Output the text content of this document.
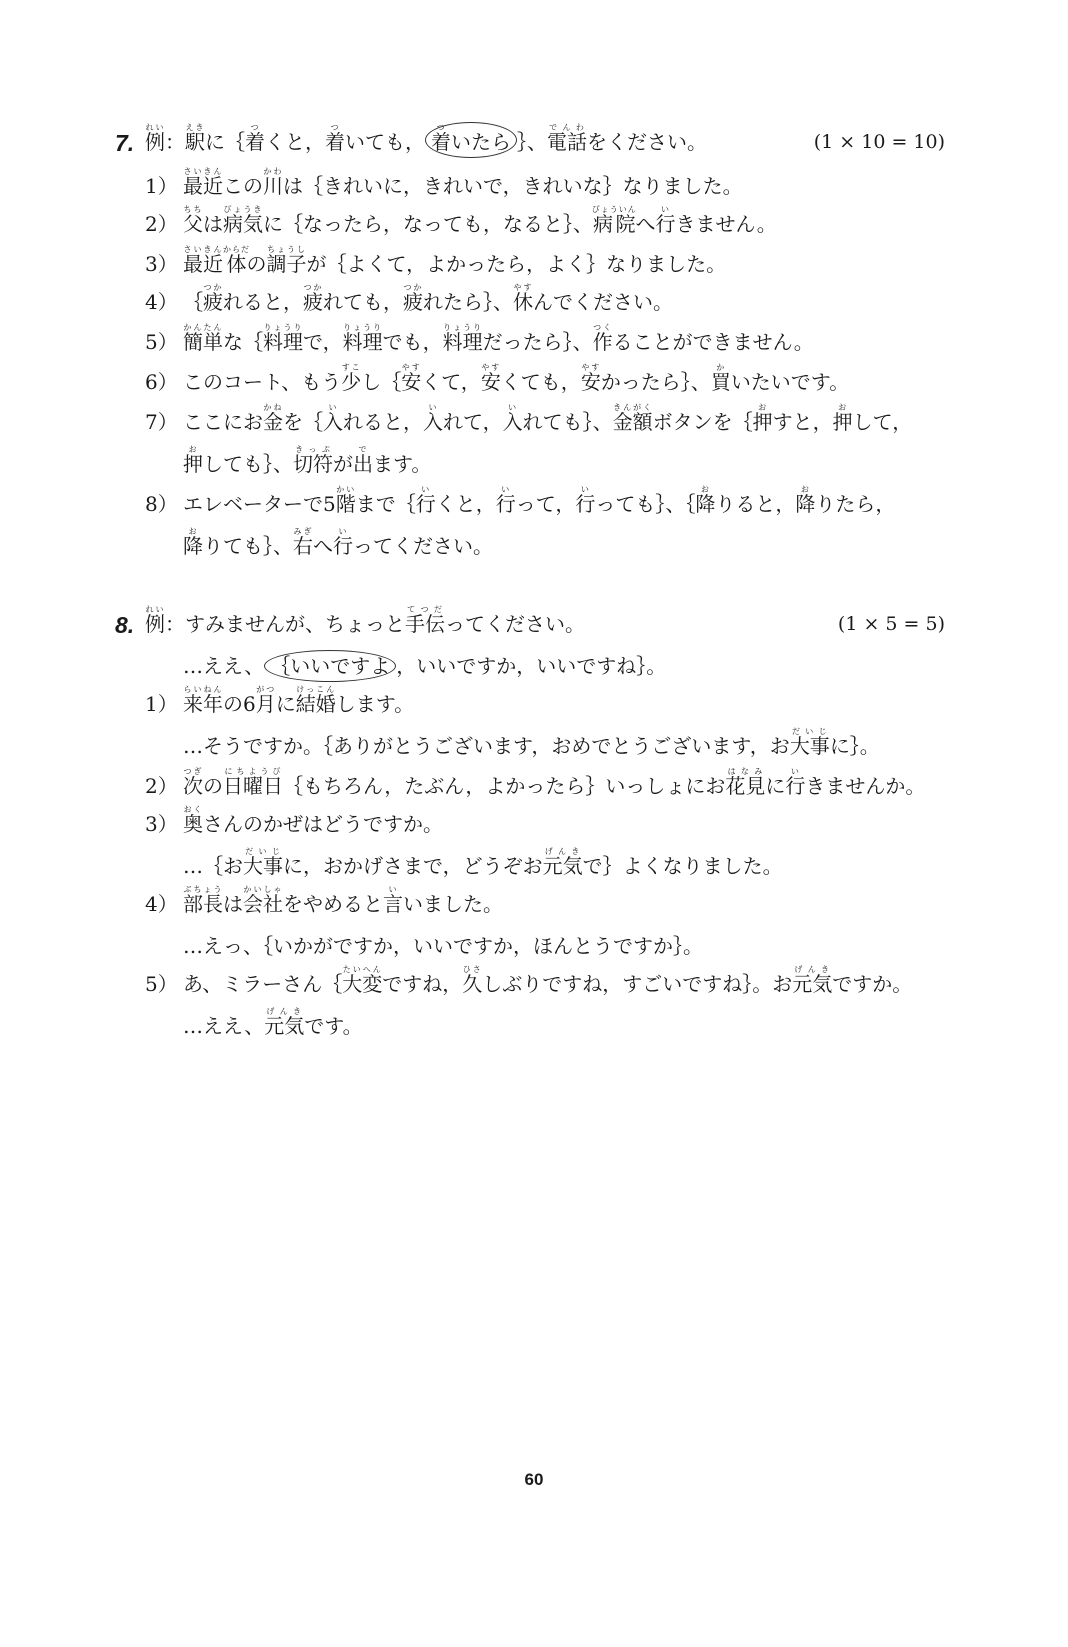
7. 例れい：駅えきに｛着つくと，着ついても， 着ついたら ｝、電話でんわをください。	(1 × 10 = 10)
1） 最近さいきんこの川かわは｛きれいに，きれいで，きれいな｝なりました。
2） 父ちちは病気びょうきに｛なったら，なっても，なると｝、病院びょういんへ行いきません。
3） 最近さいきん体からだの調子ちょうしが｛よくて，よかったら，よく｝なりました。
4） ｛疲つかれると，疲つかれても，疲つかれたら｝、休やすんでください。
5） 簡単かんたんな｛料理りょうりで，料理りょうりでも，料理りょうりだったら｝、作つくることができません。
6） このコート、もう少すこし｛安やすくて，安やすくても，安やすかったら｝、買かいたいです。
7） ここにお金かねを｛入いれると，入いれて，入いれても｝、金額きんがくボタンを｛押おすと，押おして，
押おしても｝、切符きっぷが出でます。
8） エレベーターで5階かいまで｛行いくと，行いって，行いっても｝、｛降おりると，降おりたら，
降おりても｝、右みぎへ行いってください。
8. 例れい：すみませんが、ちょっと手伝てつだってください。	(1 × 5 = 5)
…ええ、 ｛いいですよ ，いいですか，いいですね｝。
1） 来年らいねんの6月がつに結婚けっこんします。
…そうですか。｛ありがとうございます，おめでとうございます，お大事だいじに｝。
2） 次つぎの日曜日にちようび｛もちろん，たぶん，よかったら｝いっしょにお花見はなみに行いきませんか。
3） 奥おくさんのかぜはどうですか。
…｛お大事だいじに，おかげさまで，どうぞお元気げんきで｝よくなりました。
4） 部長ぶちょうは会社かいしゃをやめると言いいました。
…えっ、｛いかがですか，いいですか，ほんとうですか｝。
5） あ、ミラーさん｛大変たいへんですね，久ひさしぶりですね，すごいですね｝。お元気げんきですか。
…ええ、元気げんきです。
60
